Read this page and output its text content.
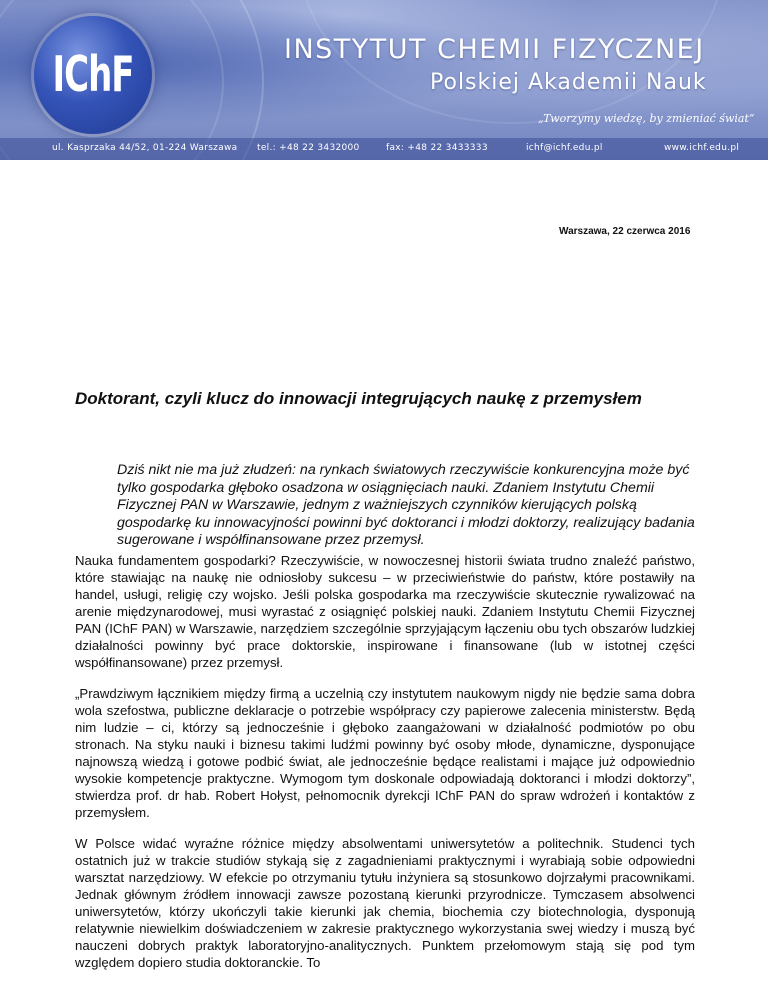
IChF	INSTYTUT CHEMII FIZYCZNEJ
Polskiej Akademii Nauk
„Tworzymy wiedzę, by zmieniać świat”
ul. Kasprzaka 44/52, 01-224 Warszawa tel.: +48 22 3432000	fax: +48 22 3433333	ichf@ichf.edu.pl	www.ichf.edu.pl
Warszawa, 22 czerwca 2016
Doktorant, czyli klucz do innowacji integrujących naukę z przemysłem
Dziś nikt nie ma już złudzeń: na rynkach światowych rzeczywiście konkurencyjna może być tylko gospodarka głęboko osadzona w osiągnięciach nauki. Zdaniem Instytutu Chemii Fizycznej PAN w Warszawie, jednym z ważniejszych czynników kierujących polską gospodarkę ku innowacyjności powinni być doktoranci i młodzi doktorzy, realizujący badania sugerowane i współfinansowane przez przemysł.
Nauka fundamentem gospodarki? Rzeczywiście, w nowoczesnej historii świata trudno znaleźć państwo, które stawiając na naukę nie odniosłoby sukcesu – w przeciwieństwie do państw, które postawiły na handel, usługi, religię czy wojsko. Jeśli polska gospodarka ma rzeczywiście skutecznie rywalizować na arenie międzynarodowej, musi wyrastać z osiągnięć polskiej nauki. Zdaniem Instytutu Chemii Fizycznej PAN (IChF PAN) w Warszawie, narzędziem szczególnie sprzyjającym łączeniu obu tych obszarów ludzkiej działalności powinny być prace doktorskie, inspirowane i finansowane (lub w istotnej części współfinansowane) przez przemysł.
„Prawdziwym łącznikiem między firmą a uczelnią czy instytutem naukowym nigdy nie będzie sama dobra wola szefostwa, publiczne deklaracje o potrzebie współpracy czy papierowe zalecenia ministerstw. Będą nim ludzie – ci, którzy są jednocześnie i głęboko zaangażowani w działalność podmiotów po obu stronach. Na styku nauki i biznesu takimi ludźmi powinny być osoby młode, dynamiczne, dysponujące najnowszą wiedzą i gotowe podbić świat, ale jednocześnie będące realistami i mające już odpowiednio wysokie kompetencje praktyczne. Wymogom tym doskonale odpowiadają doktoranci i młodzi doktorzy”, stwierdza prof. dr hab. Robert Hołyst, pełnomocnik dyrekcji IChF PAN do spraw wdrożeń i kontaktów z przemysłem.
W Polsce widać wyraźne różnice między absolwentami uniwersytetów a politechnik. Studenci tych ostatnich już w trakcie studiów stykają się z zagadnieniami praktycznymi i wyrabiają sobie odpowiedni warsztat narzędziowy. W efekcie po otrzymaniu tytułu inżyniera są stosunkowo dojrzałymi pracownikami. Jednak głównym źródłem innowacji zawsze pozostaną kierunki przyrodnicze. Tymczasem absolwenci uniwersytetów, którzy ukończyli takie kierunki jak chemia, biochemia czy biotechnologia, dysponują relatywnie niewielkim doświadczeniem w zakresie praktycznego wykorzystania swej wiedzy i muszą być nauczeni dobrych praktyk laboratoryjno-analitycznych. Punktem przełomowym stają się pod tym względem dopiero studia doktoranckie. To
